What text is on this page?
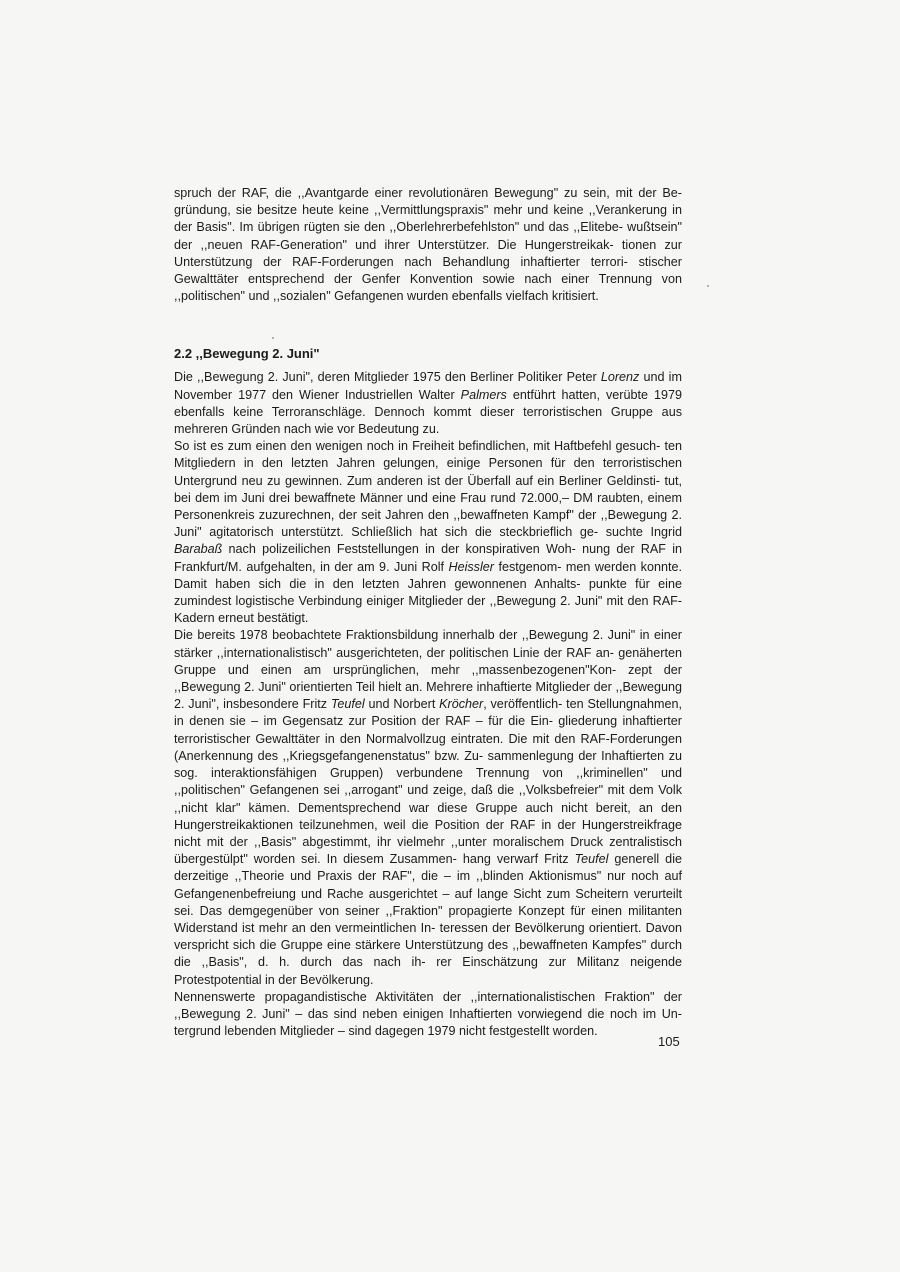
spruch der RAF, die ,,Avantgarde einer revolutionären Bewegung" zu sein, mit der Be- gründung, sie besitze heute keine ,,Vermittlungspraxis" mehr und keine ,,Verankerung in der Basis". Im übrigen rügten sie den ,,Oberlehrerbefehlston" und das ,,Elitebe- wußtsein" der ,,neuen RAF-Generation" und ihrer Unterstützer. Die Hungerstreikak- tionen zur Unterstützung der RAF-Forderungen nach Behandlung inhaftierter terrori- stischer Gewalttäter entsprechend der Genfer Konvention sowie nach einer Trennung von ,,politischen" und ,,sozialen" Gefangenen wurden ebenfalls vielfach kritisiert.

2.2 ,,Bewegung 2. Juni"

Die ,,Bewegung 2. Juni", deren Mitglieder 1975 den Berliner Politiker Peter Lorenz und im November 1977 den Wiener Industriellen Walter Palmers entführt hatten, verübte 1979 ebenfalls keine Terroranschläge. Dennoch kommt dieser terroristischen Gruppe aus mehreren Gründen nach wie vor Bedeutung zu.

So ist es zum einen den wenigen noch in Freiheit befindlichen, mit Haftbefehl gesuch- ten Mitgliedern in den letzten Jahren gelungen, einige Personen für den terroristischen Untergrund neu zu gewinnen. Zum anderen ist der Überfall auf ein Berliner Geldinsti- tut, bei dem im Juni drei bewaffnete Männer und eine Frau rund 72.000,– DM raubten, einem Personenkreis zuzurechnen, der seit Jahren den ,,bewaffneten Kampf" der ,,Bewegung 2. Juni" agitatorisch unterstützt. Schließlich hat sich die steckbrieflich ge- suchte Ingrid Barabaß nach polizeilichen Feststellungen in der konspirativen Woh- nung der RAF in Frankfurt/M. aufgehalten, in der am 9. Juni Rolf Heissler festgenom- men werden konnte. Damit haben sich die in den letzten Jahren gewonnenen Anhalts- punkte für eine zumindest logistische Verbindung einiger Mitglieder der ,,Bewegung 2. Juni" mit den RAF-Kadern erneut bestätigt.

Die bereits 1978 beobachtete Fraktionsbildung innerhalb der ,,Bewegung 2. Juni" in einer stärker ,,internationalistisch" ausgerichteten, der politischen Linie der RAF an- genäherten Gruppe und einen am ursprünglichen, mehr ,,massenbezogenen"Kon- zept der ,,Bewegung 2. Juni" orientierten Teil hielt an. Mehrere inhaftierte Mitglieder der ,,Bewegung 2. Juni", insbesondere Fritz Teufel und Norbert Kröcher, veröffentlich- ten Stellungnahmen, in denen sie – im Gegensatz zur Position der RAF – für die Ein- gliederung inhaftierter terroristischer Gewalttäter in den Normalvollzug eintraten. Die mit den RAF-Forderungen (Anerkennung des ,,Kriegsgefangenenstatus" bzw. Zu- sammenlegung der Inhaftierten zu sog. interaktionsfähigen Gruppen) verbundene Trennung von ,,kriminellen" und ,,politischen" Gefangenen sei ,,arrogant" und zeige, daß die ,,Volksbefreier" mit dem Volk ,,nicht klar" kämen. Dementsprechend war diese Gruppe auch nicht bereit, an den Hungerstreikaktionen teilzunehmen, weil die Position der RAF in der Hungerstreikfrage nicht mit der ,,Basis" abgestimmt, ihr vielmehr ,,unter moralischem Druck zentralistisch übergestülpt" worden sei. In diesem Zusammen- hang verwarf Fritz Teufel generell die derzeitige ,,Theorie und Praxis der RAF", die – im ,,blinden Aktionismus" nur noch auf Gefangenenbefreiung und Rache ausgerichtet – auf lange Sicht zum Scheitern verurteilt sei. Das demgegenüber von seiner ,,Fraktion" propagierte Konzept für einen militanten Widerstand ist mehr an den vermeintlichen In- teressen der Bevölkerung orientiert. Davon verspricht sich die Gruppe eine stärkere Unterstützung des ,,bewaffneten Kampfes" durch die ,,Basis", d. h. durch das nach ih- rer Einschätzung zur Militanz neigende Protestpotential in der Bevölkerung.

Nennenswerte propagandistische Aktivitäten der ,,internationalistischen Fraktion" der ,,Bewegung 2. Juni" – das sind neben einigen Inhaftierten vorwiegend die noch im Un- tergrund lebenden Mitglieder – sind dagegen 1979 nicht festgestellt worden.

105
